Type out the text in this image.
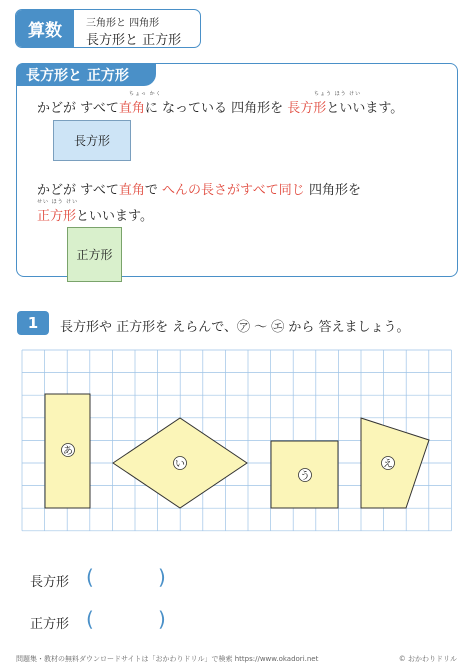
算数	三角形と 四角形
長方形と 正方形
長方形と 正方形
ちょっ かく	ちょう ほう けい
かどが すべて直角に なっている 四角形を 長方形といいます。
長方形
かどが すべて直角で へんの長さがすべて同じ 四角形を
せい ほう けい
正方形といいます。
正方形
1	長方形や 正方形を えらんで、㋐ 〜 ㋓ から 答えましょう。
あ
い
う
え
長方形 (	)
正方形 (	)
問題集・教材の無料ダウンロードサイトは「おかわりドリル」で検索 https://www.okadori.net	© おかわりドリル
